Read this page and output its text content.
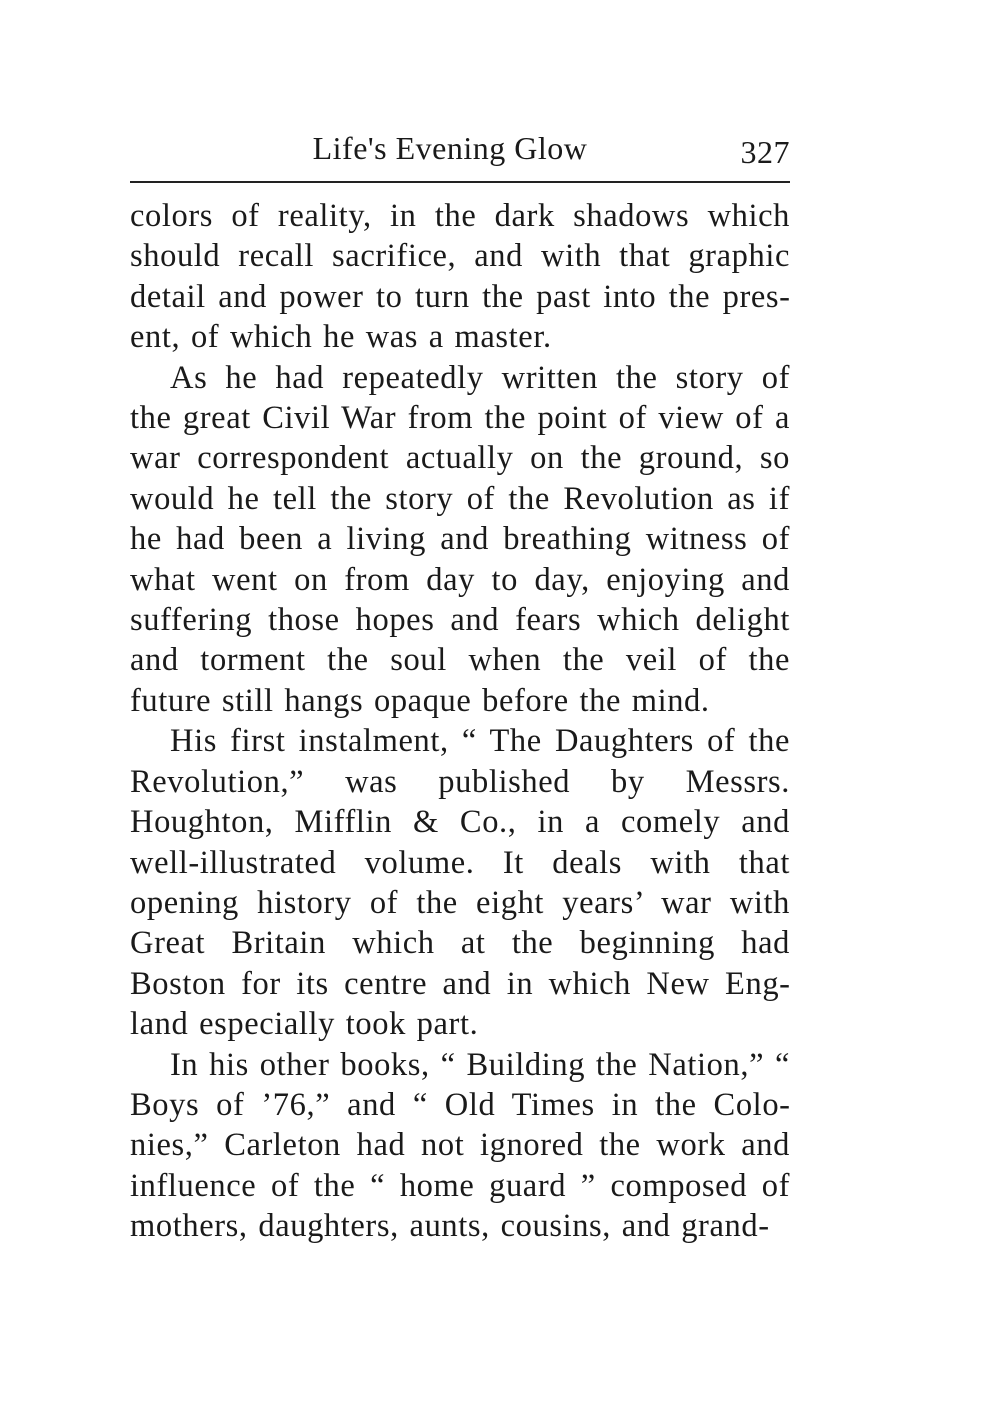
Life's Evening Glow	327

colors of reality, in the dark shadows which should recall sacrifice, and with that graphic detail and power to turn the past into the present, of which he was a master.

As he had repeatedly written the story of the great Civil War from the point of view of a war correspondent actually on the ground, so would he tell the story of the Revolution as if he had been a living and breathing witness of what went on from day to day, enjoying and suffering those hopes and fears which delight and torment the soul when the veil of the future still hangs opaque before the mind.

His first instalment, “ The Daughters of the Revolution,” was published by Messrs. Houghton, Mifflin & Co., in a comely and well-illustrated volume. It deals with that opening history of the eight years’ war with Great Britain which at the beginning had Boston for its centre and in which New England especially took part.

In his other books, “ Building the Nation,” “ Boys of ’76,” and “ Old Times in the Colonies,” Carleton had not ignored the work and influence of the “ home guard ” composed of mothers, daughters, aunts, cousins, and grand-
